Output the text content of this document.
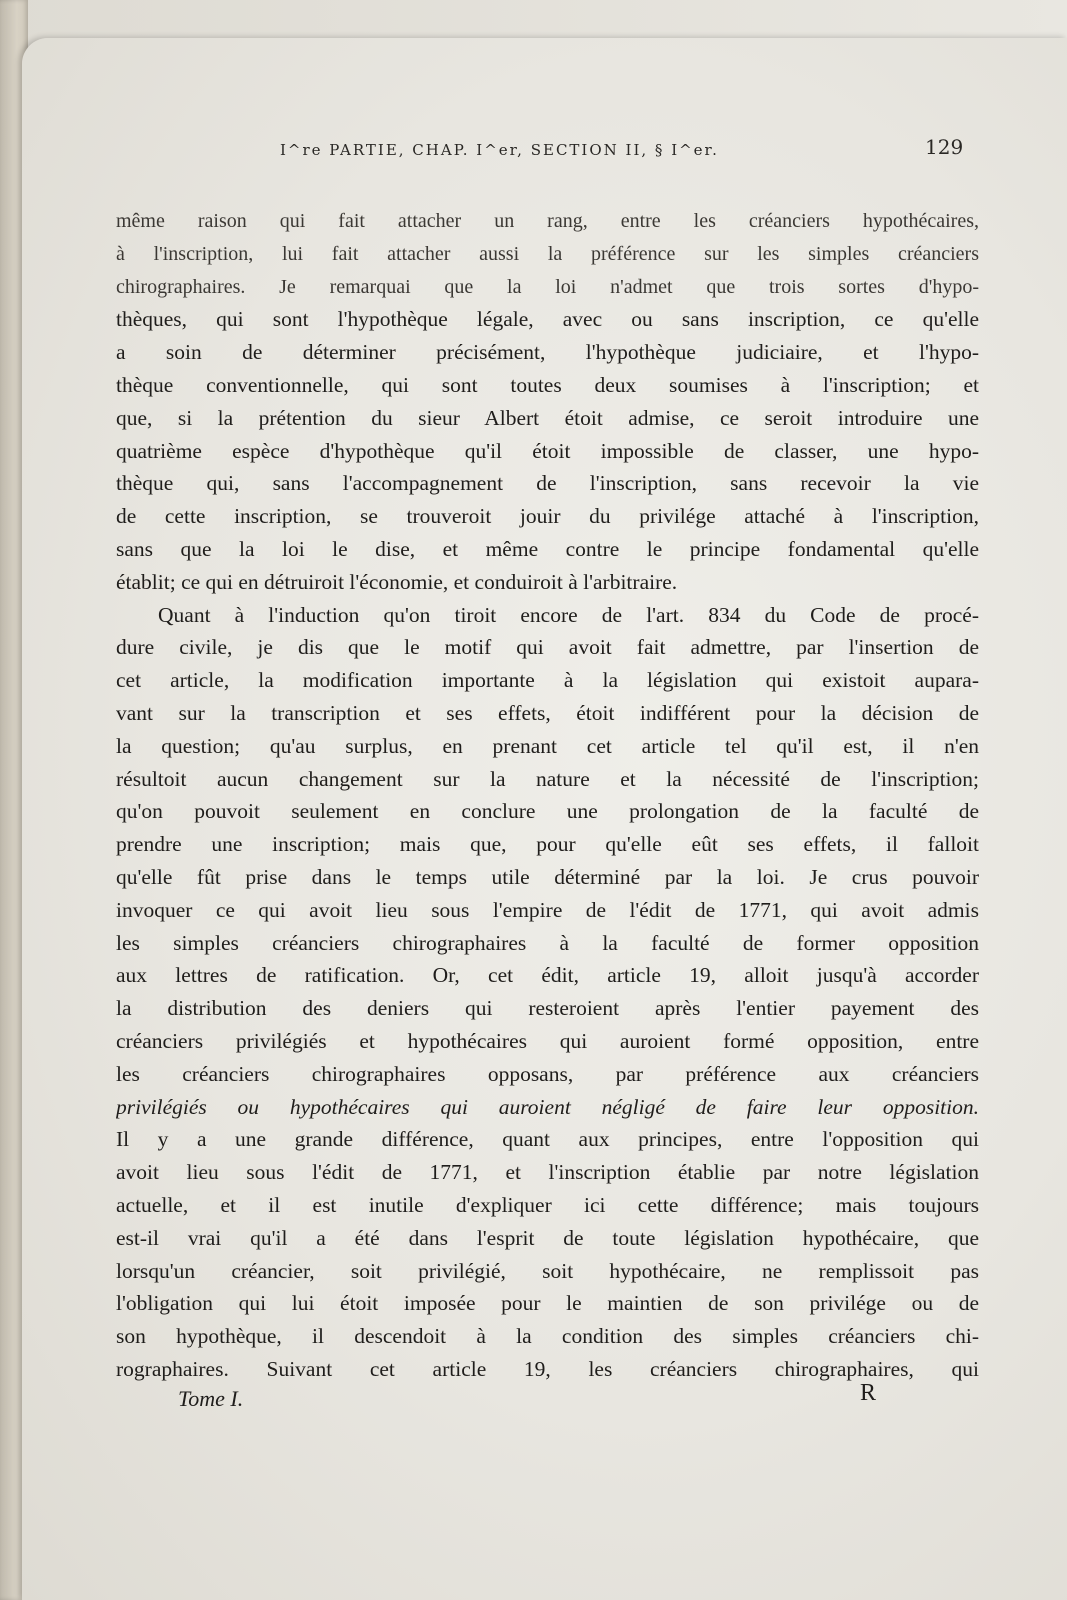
I^re PARTIE, CHAP. I^er, SECTION II, § I^er.	129
même raison qui fait attacher un rang, entre les créanciers hypothécaires,
à l'inscription, lui fait attacher aussi la préférence sur les simples créanciers
chirographaires. Je remarquai que la loi n'admet que trois sortes d'hypo-
thèques, qui sont l'hypothèque légale, avec ou sans inscription, ce qu'elle
a soin de déterminer précisément, l'hypothèque judiciaire, et l'hypo-
thèque conventionnelle, qui sont toutes deux soumises à l'inscription; et
que, si la prétention du sieur Albert étoit admise, ce seroit introduire une
quatrième espèce d'hypothèque qu'il étoit impossible de classer, une hypo-
thèque qui, sans l'accompagnement de l'inscription, sans recevoir la vie
de cette inscription, se trouveroit jouir du privilége attaché à l'inscription,
sans que la loi le dise, et même contre le principe fondamental qu'elle
établit; ce qui en détruiroit l'économie, et conduiroit à l'arbitraire.
Quant à l'induction qu'on tiroit encore de l'art. 834 du Code de procé-
dure civile, je dis que le motif qui avoit fait admettre, par l'insertion de
cet article, la modification importante à la législation qui existoit aupara-
vant sur la transcription et ses effets, étoit indifférent pour la décision de
la question; qu'au surplus, en prenant cet article tel qu'il est, il n'en
résultoit aucun changement sur la nature et la nécessité de l'inscription;
qu'on pouvoit seulement en conclure une prolongation de la faculté de
prendre une inscription; mais que, pour qu'elle eût ses effets, il falloit
qu'elle fût prise dans le temps utile déterminé par la loi. Je crus pouvoir
invoquer ce qui avoit lieu sous l'empire de l'édit de 1771, qui avoit admis
les simples créanciers chirographaires à la faculté de former opposition
aux lettres de ratification. Or, cet édit, article 19, alloit jusqu'à accorder
la distribution des deniers qui resteroient après l'entier payement des
créanciers privilégiés et hypothécaires qui auroient formé opposition, entre
les créanciers chirographaires opposans, par préférence aux créanciers
privilégiés ou hypothécaires qui auroient négligé de faire leur opposition.
Il y a une grande différence, quant aux principes, entre l'opposition qui
avoit lieu sous l'édit de 1771, et l'inscription établie par notre législation
actuelle, et il est inutile d'expliquer ici cette différence; mais toujours
est-il vrai qu'il a été dans l'esprit de toute législation hypothécaire, que
lorsqu'un créancier, soit privilégié, soit hypothécaire, ne remplissoit pas
l'obligation qui lui étoit imposée pour le maintien de son privilége ou de
son hypothèque, il descendoit à la condition des simples créanciers chi-
rographaires. Suivant cet article 19, les créanciers chirographaires, qui
Tome I.	R
